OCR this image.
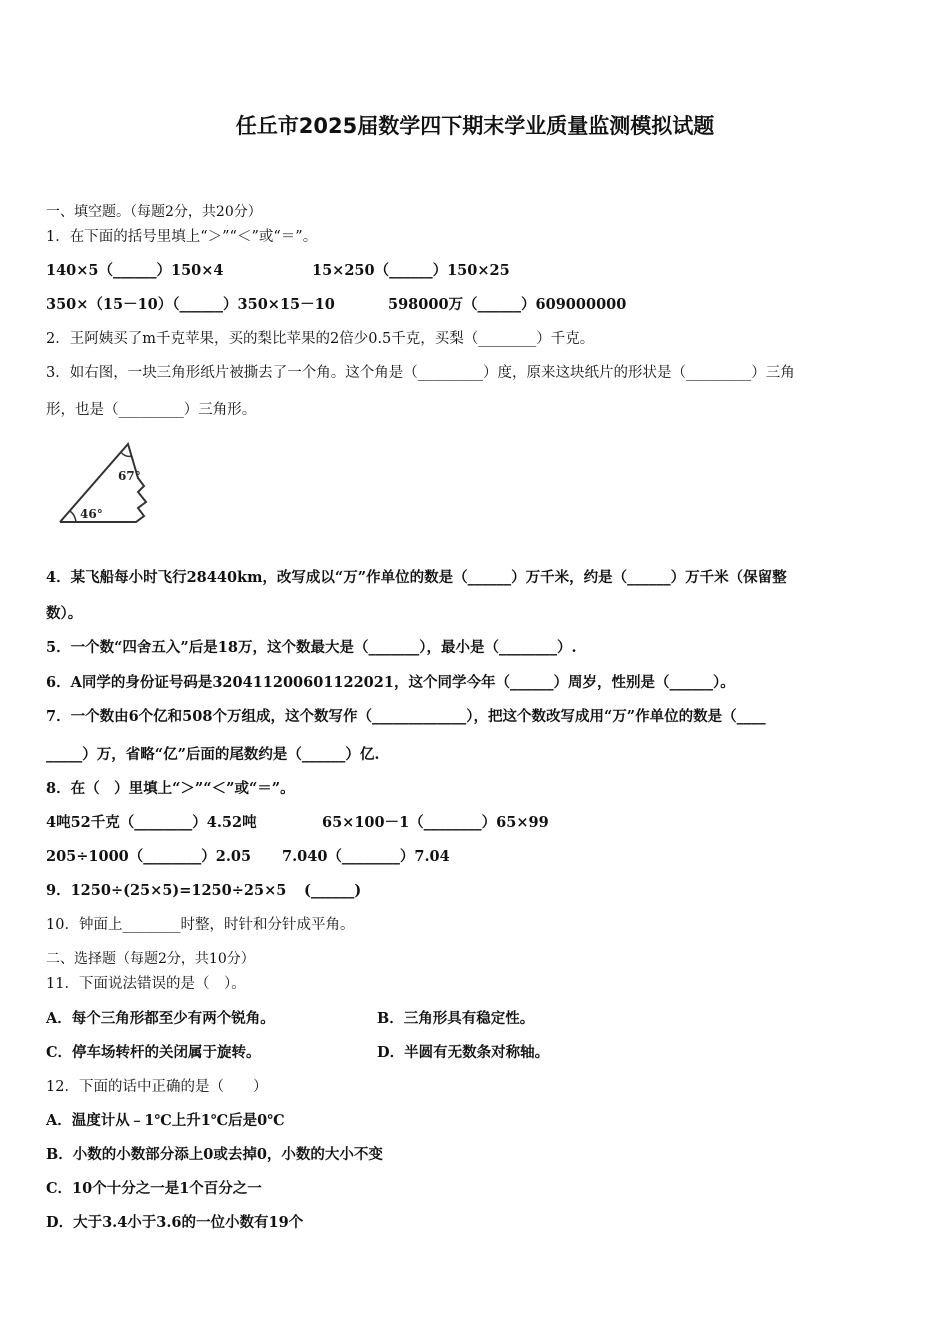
任丘市2025届数学四下期末学业质量监测模拟试题
一、填空题。（每题2分，共20分）
1．在下面的括号里填上“＞”“＜”或“＝”。
140×5（______）150×4	15×250（______）150×25
350×（15－10）（______）350×15－10	598000万（______）609000000
2．王阿姨买了m千克苹果，买的梨比苹果的2倍少0.5千克，买梨（________）千克。
3．如右图，一块三角形纸片被撕去了一个角。这个角是（_________）度，原来这块纸片的形状是（_________）三角
形，也是（_________）三角形。
67°
46°
4．某飞船每小时飞行28440km，改写成以“万”作单位的数是（______）万千米，约是（______）万千米（保留整
数）。
5．一个数“四舍五入”后是18万，这个数最大是（_______），最小是（________）.
6．A同学的身份证号码是320411200601122021，这个同学今年（______）周岁，性别是（______）。
7．一个数由6个亿和508个万组成，这个数写作（_____________），把这个数改写成用“万”作单位的数是（____
_____）万，省略“亿”后面的尾数约是（______）亿.
8．在（　）里填上“＞”“＜”或“＝”。
4吨52千克（________）4.52吨	65×100－1（________）65×99
205÷1000（________）2.05 7.040（________）7.04
9．1250÷(25×5)=1250÷25×5 (______)
10．钟面上________时整，时针和分针成平角。
二、选择题（每题2分，共10分）
11．下面说法错误的是（　）。
A．每个三角形都至少有两个锐角。	B．三角形具有稳定性。
C．停车场转杆的关闭属于旋转。	D．半圆有无数条对称轴。
12．下面的话中正确的是（　　）
A．温度计从﹣1℃上升1℃后是0℃
B．小数的小数部分添上0或去掉0，小数的大小不变
C．10个十分之一是1个百分之一
D．大于3.4小于3.6的一位小数有19个
